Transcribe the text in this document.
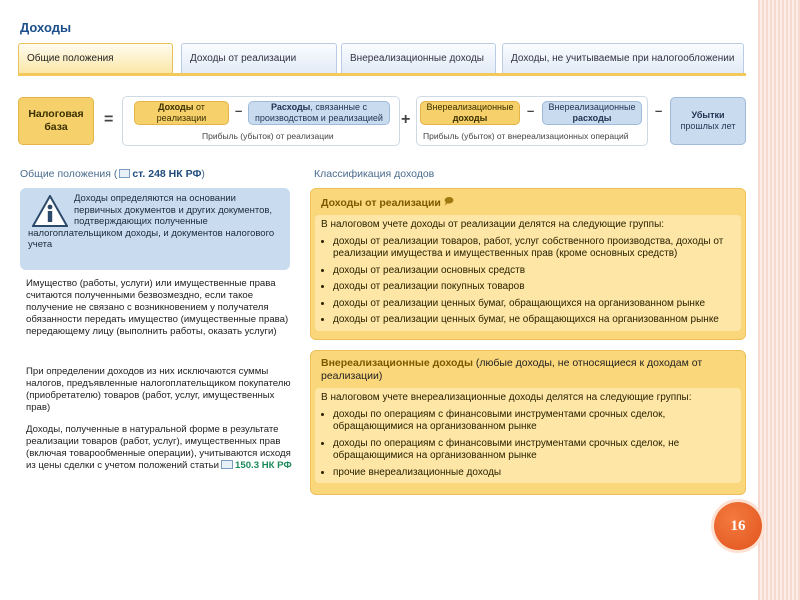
Доходы
Общие положения	Доходы от реализации	Внереализационные доходы	Доходы, не учитываемые при налогообложении
Налоговая база	=
Доходы от реализации	–	Расходы, связанные с производством и реализацией
Прибыль (убыток) от реализации
+
Внереализационные
доходы	– Внереализационные
расходы
Прибыль (убыток) от внереализационных операций
–	Убытки
прошлых лет
Общие положения ( ст. 248 НК РФ)
Доходы определяются на основании первичных документов и других документов, подтверждающих полученные налогоплательщиком доходы, и документов налогового учета
Имущество (работы, услуги) или имущественные права считаются полученными безвозмездно, если такое получение не связано с возникновением у получателя обязанности передать имущество (имущественные права) передающему лицу (выполнить работы, оказать услуги)
При определении доходов из них исключаются суммы налогов, предъявленные налогоплательщиком покупателю (приобретателю) товаров (работ, услуг, имущественных прав)
Доходы, полученные в натуральной форме в результате реализации товаров (работ, услуг), имущественных прав (включая товарообменные операции), учитываются исходя из цены сделки с учетом положений статьи 150.3 НК РФ
Классификация доходов
Доходы от реализации 🗩
В налоговом учете доходы от реализации делятся на следующие группы:
• доходы от реализации товаров, работ, услуг собственного производства, доходы от реализации имущества и имущественных прав (кроме основных средств)
• доходы от реализации основных средств
• доходы от реализации покупных товаров
• доходы от реализации ценных бумаг, обращающихся на организованном рынке
• доходы от реализации ценных бумаг, не обращающихся на организованном рынке
Внереализационные доходы (любые доходы, не относящиеся к доходам от реализации)
В налоговом учете внереализационные доходы делятся на следующие группы:
• доходы по операциям с финансовыми инструментами срочных сделок, обращающимися на организованном рынке
• доходы по операциям с финансовыми инструментами срочных сделок, не обращающимися на организованном рынке
• прочие внереализационные доходы
16
